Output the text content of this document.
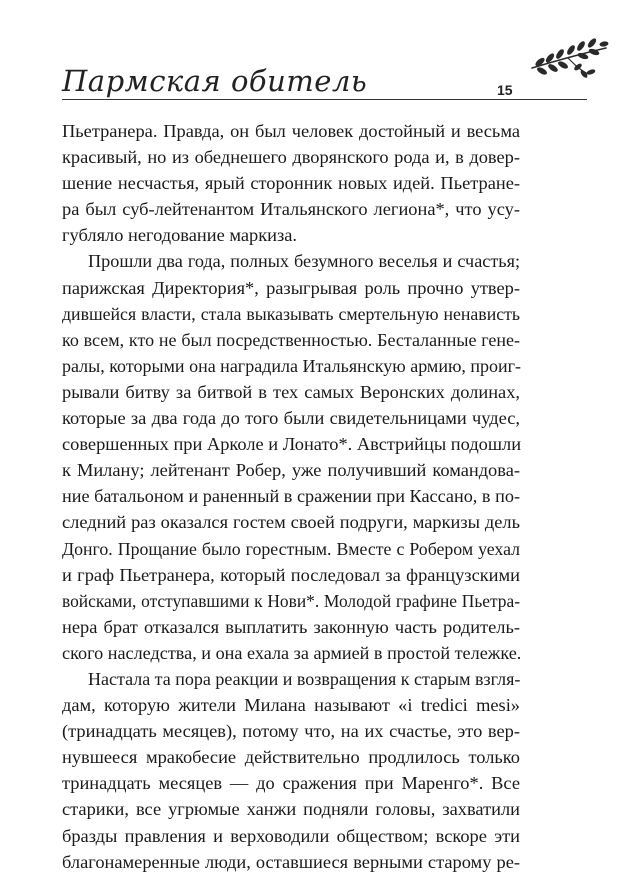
Пармская обитель	15
Пьетранера. Правда, он был человек достойный и весьма
красивый, но из обеднешего дворянского рода и, в довер-
шение несчастья, ярый сторонник новых идей. Пьетране-
ра был суб-лейтенантом Итальянского легиона*, что усу-
губляло негодование маркиза.
Прошли два года, полных безумного веселья и счастья;
парижская Директория*, разыгрывая роль прочно утвер-
дившейся власти, стала выказывать смертельную ненависть
ко всем, кто не был посредственностью. Бесталанные гене-
ралы, которыми она наградила Итальянскую армию, проиг-
рывали битву за битвой в тех самых Веронских долинах,
которые за два года до того были свидетельницами чудес,
совершенных при Арколе и Лонато*. Австрийцы подошли
к Милану; лейтенант Робер, уже получивший командова-
ние батальоном и раненный в сражении при Кассано, в по-
следний раз оказался гостем своей подруги, маркизы дель
Донго. Прощание было горестным. Вместе с Робером уехал
и граф Пьетранера, который последовал за французскими
войсками, отступавшими к Нови*. Молодой графине Пьетра-
нера брат отказался выплатить законную часть родитель-
ского наследства, и она ехала за армией в простой тележке.
Настала та пора реакции и возвращения к старым взгля-
дам, которую жители Милана называют «i tredici mesi»
(тринадцать месяцев), потому что, на их счастье, это вер-
нувшееся мракобесие действительно продлилось только
тринадцать месяцев — до сражения при Маренго*. Все
старики, все угрюмые ханжи подняли головы, захватили
бразды правления и верховодили обществом; вскоре эти
благонамеренные люди, оставшиеся верными старому ре-
